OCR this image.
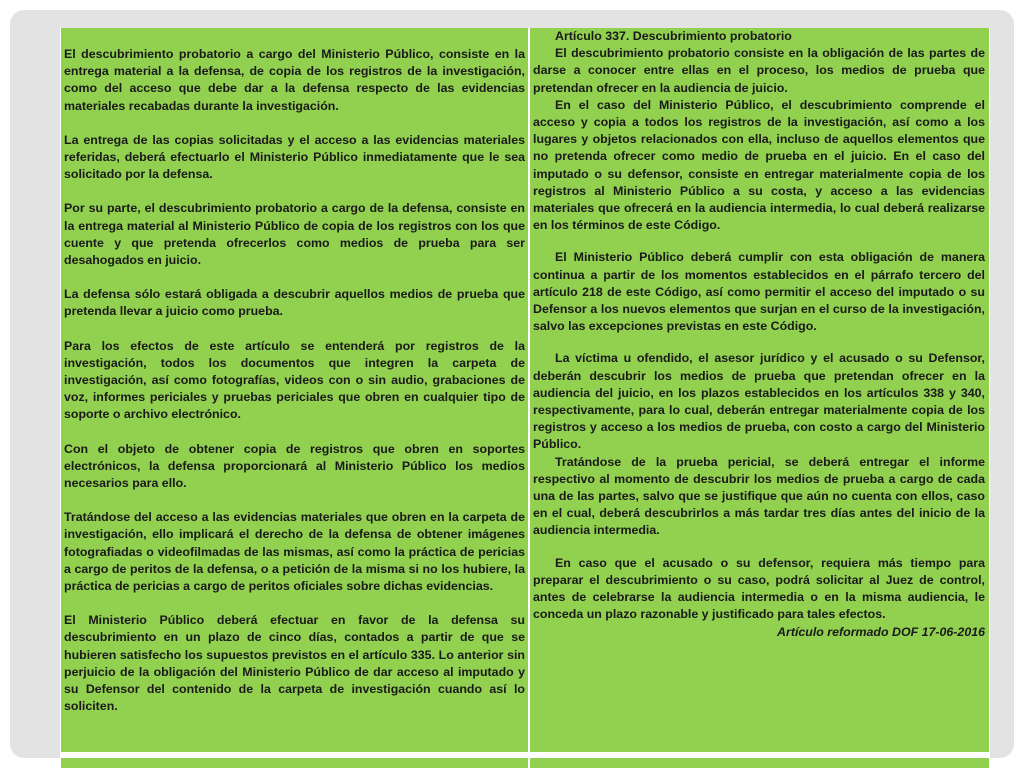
El descubrimiento probatorio a cargo del Ministerio Público, consiste en la entrega material a la defensa, de copia de los registros de la investigación, como del acceso que debe dar a la defensa respecto de las evidencias materiales recabadas durante la investigación.

La entrega de las copias solicitadas y el acceso a las evidencias materiales referidas, deberá efectuarlo el Ministerio Público inmediatamente que le sea solicitado por la defensa.

Por su parte, el descubrimiento probatorio a cargo de la defensa, consiste en la entrega material al Ministerio Público de copia de los registros con los que cuente y que pretenda ofrecerlos como medios de prueba para ser desahogados en juicio.

La defensa sólo estará obligada a descubrir aquellos medios de prueba que pretenda llevar a juicio como prueba.

Para los efectos de este artículo se entenderá por registros de la investigación, todos los documentos que integren la carpeta de investigación, así como fotografías, videos con o sin audio, grabaciones de voz, informes periciales y pruebas periciales que obren en cualquier tipo de soporte o archivo electrónico.

Con el objeto de obtener copia de registros que obren en soportes electrónicos, la defensa proporcionará al Ministerio Público los medios necesarios para ello.

Tratándose del acceso a las evidencias materiales que obren en la carpeta de investigación, ello implicará el derecho de la defensa de obtener imágenes fotografiadas o videofilmadas de las mismas, así como la práctica de pericias a cargo de peritos de la defensa, o a petición de la misma si no los hubiere, la práctica de pericias a cargo de peritos oficiales sobre dichas evidencias.

El Ministerio Público deberá efectuar en favor de la defensa su descubrimiento en un plazo de cinco días, contados a partir de que se hubieren satisfecho los supuestos previstos en el artículo 335. Lo anterior sin perjuicio de la obligación del Ministerio Público de dar acceso al imputado y su Defensor del contenido de la carpeta de investigación cuando así lo soliciten.

Artículo 337. Descubrimiento probatorio

El descubrimiento probatorio consiste en la obligación de las partes de darse a conocer entre ellas en el proceso, los medios de prueba que pretendan ofrecer en la audiencia de juicio.

En el caso del Ministerio Público, el descubrimiento comprende el acceso y copia a todos los registros de la investigación, así como a los lugares y objetos relacionados con ella, incluso de aquellos elementos que no pretenda ofrecer como medio de prueba en el juicio. En el caso del imputado o su defensor, consiste en entregar materialmente copia de los registros al Ministerio Público a su costa, y acceso a las evidencias materiales que ofrecerá en la audiencia intermedia, lo cual deberá realizarse en los términos de este Código.

El Ministerio Público deberá cumplir con esta obligación de manera continua a partir de los momentos establecidos en el párrafo tercero del artículo 218 de este Código, así como permitir el acceso del imputado o su Defensor a los nuevos elementos que surjan en el curso de la investigación, salvo las excepciones previstas en este Código.

La víctima u ofendido, el asesor jurídico y el acusado o su Defensor, deberán descubrir los medios de prueba que pretendan ofrecer en la audiencia del juicio, en los plazos establecidos en los artículos 338 y 340, respectivamente, para lo cual, deberán entregar materialmente copia de los registros y acceso a los medios de prueba, con costo a cargo del Ministerio Público.

Tratándose de la prueba pericial, se deberá entregar el informe respectivo al momento de descubrir los medios de prueba a cargo de cada una de las partes, salvo que se justifique que aún no cuenta con ellos, caso en el cual, deberá descubrirlos a más tardar tres días antes del inicio de la audiencia intermedia.

En caso que el acusado o su defensor, requiera más tiempo para preparar el descubrimiento o su caso, podrá solicitar al Juez de control, antes de celebrarse la audiencia intermedia o en la misma audiencia, le conceda un plazo razonable y justificado para tales efectos.

Artículo reformado DOF 17-06-2016
